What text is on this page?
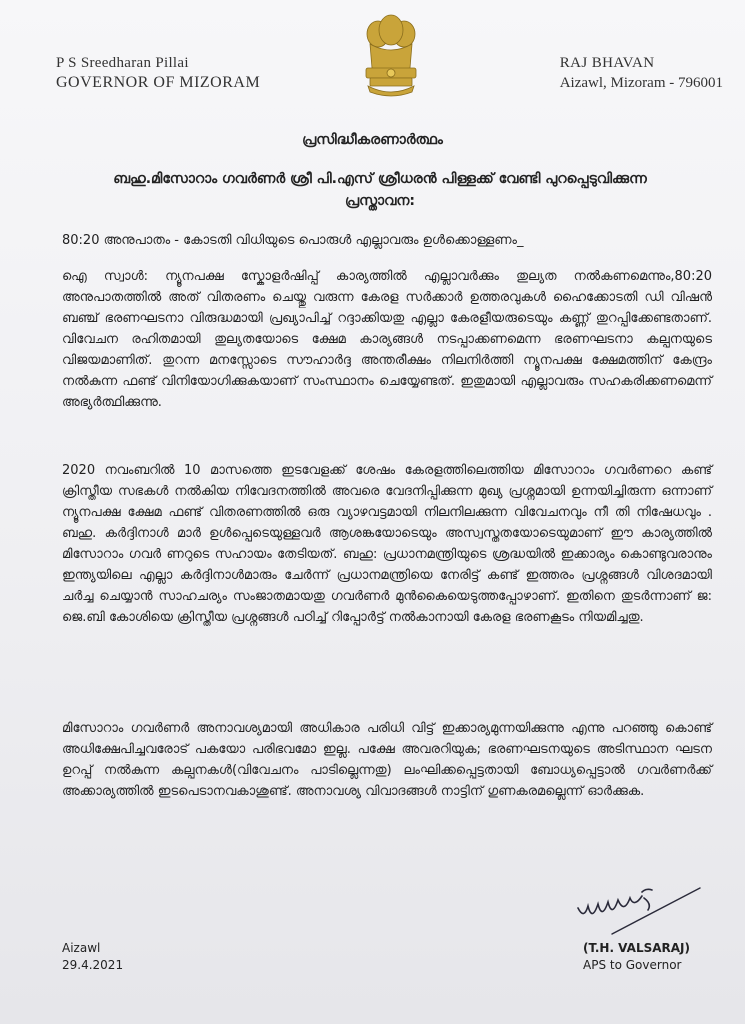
P S Sreedharan Pillai
GOVERNOR OF MIZORAM
RAJ BHAVAN
Aizawl, Mizoram - 796001
പ്രസിദ്ധീകരണാർത്ഥം
ബഹു.മിസോറാം ഗവർണർ ശ്രീ പി.എസ് ശ്രീധരൻ പിള്ളക്ക് വേണ്ടി പുറപ്പെടുവിക്കുന്ന പ്രസ്താവന:
80:20 അനുപാതം - കോടതി വിധിയുടെ പൊരുൾ എല്ലാവരും ഉൾക്കൊള്ളണം_
ഐ സ്വാൾ: ന്യൂനപക്ഷ സ്കോളർഷിപ്പ് കാര്യത്തിൽ എല്ലാവർക്കും തുല്യത നൽകണമെന്നും,80:20 അനുപാതത്തിൽ അത് വിതരണം ചെയ്തു വരുന്ന കേരള സർക്കാർ ഉത്തരവുകൾ ഹൈക്കോടതി ഡി വിഷൻ ബഞ്ച് ഭരണഘടനാ വിരുദ്ധമായി പ്രഖ്യാപിച്ച് റദ്ദാക്കിയതു എല്ലാ കേരളീയരുടെയും കണ്ണ് തുറപ്പിക്കേണ്ടതാണ്. വിവേചന രഹിതമായി തുല്യതയോടെ ക്ഷേമ കാര്യങ്ങൾ നടപ്പാക്കണമെന്ന ഭരണഘടനാ കല്പനയുടെ വിജയമാണിത്. തുറന്ന മനസ്സോടെ സൗഹാർദ്ദ അന്തരീക്ഷം നിലനിർത്തി ന്യൂനപക്ഷ ക്ഷേമത്തിന് കേന്ദ്രം നൽകുന്ന ഫണ്ട് വിനിയോഗിക്കുകയാണ് സംസ്ഥാനം ചെയ്യേണ്ടത്. ഇതുമായി എല്ലാവരും സഹകരിക്കണമെന്ന് അഭ്യർത്ഥിക്കുന്നു.
2020 നവംബറിൽ 10 മാസത്തെ ഇടവേളക്ക് ശേഷം കേരളത്തിലെത്തിയ മിസോറാം ഗവർണറെ കണ്ട് ക്രിസ്തീയ സഭകൾ നൽകിയ നിവേദനത്തിൽ അവരെ വേദനിപ്പിക്കുന്ന മുഖ്യ പ്രശ്നമായി ഉന്നയിച്ചിരുന്ന ഒന്നാണ് ന്യൂനപക്ഷ ക്ഷേമ ഫണ്ട് വിതരണത്തിൽ ഒരു വ്യാഴവട്ടമായി നിലനിലക്കുന്ന വിവേചനവും നീ തി നിഷേധവും . ബഹു. കർദ്ദിനാൾ മാർ ഉൾപ്പെടെയുള്ളവർ ആശങ്കയോടെയും അസ്വസ്തതയോടെയുമാണ് ഈ കാര്യത്തിൽ മിസോറാം ഗവർ ണറുടെ സഹായം തേടിയത്. ബഹു: പ്രധാനമന്ത്രിയുടെ ശ്രദ്ധയിൽ ഇക്കാര്യം കൊണ്ടുവരാനും ഇന്ത്യയിലെ എല്ലാ കർദ്ദിനാൾമാരും ചേർന്ന് പ്രധാനമന്ത്രിയെ നേരിട്ട് കണ്ട് ഇത്തരം പ്രശ്നങ്ങൾ വിശദമായി ചർച്ച ചെയ്യാൻ സാഹചര്യം സംജാതമായതു ഗവർണർ മുൻകൈയെടുത്തപ്പോഴാണ്. ഇതിനെ തുടർന്നാണ് ജ: ജെ.ബി കോശിയെ ക്രിസ്തീയ പ്രശ്നങ്ങൾ പഠിച്ച് റിപ്പോർട്ട് നൽകാനായി കേരള ഭരണകൂടം നിയമിച്ചതു.
മിസോറാം ഗവർണർ അനാവശ്യമായി അധികാര പരിധി വിട്ട് ഇക്കാര്യമുന്നയിക്കുന്നു എന്നു പറഞ്ഞു കൊണ്ട് അധിക്ഷേപിച്ചവരോട് പകയോ പരിഭവമോ ഇല്ല. പക്ഷേ അവരറിയുക; ഭരണഘടനയുടെ അടിസ്ഥാന ഘടന ഉറപ്പ് നൽകുന്ന കല്പനകൾ(വിവേചനം പാടില്ലെന്നതു) ലംഘിക്കപ്പെട്ടതായി ബോധ്യപ്പെട്ടാൽ ഗവർണർക്ക് അക്കാര്യത്തിൽ ഇടപെടാനവകാശുണ്ട്. അനാവശ്യ വിവാദങ്ങൾ നാട്ടിന് ഗുണകരമല്ലെന്ന് ഓർക്കുക.
Aizawl
29.4.2021
(T.H. VALSARAJ)
APS to Governor
